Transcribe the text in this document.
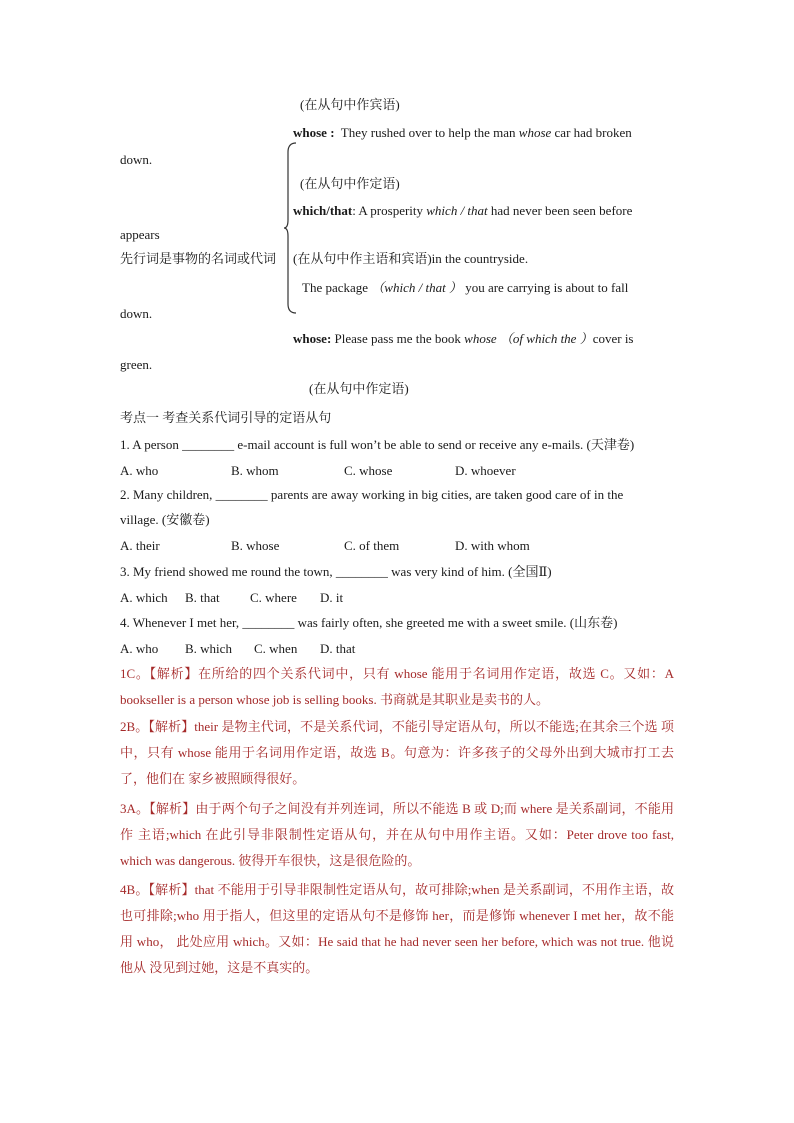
(在从句中作宾语)
whose : They rushed over to help the man whose car had broken
down.
(在从句中作定语)
which/that: A prosperity which / that had never been seen before
appears
先行词是事物的名词或代词 (在从句中作主语和宾语)in the countryside.
The package （which / that ） you are carrying is about to fall
down.
whose: Please pass me the book whose （of which the ）cover is
green.
(在从句中作定语)
考点一 考查关系代词引导的定语从句
1. A person ________ e-mail account is full won’t be able to send or receive any e-mails. (天津卷)
A. who	B. whom	C. whose	D. whoever
2. Many children, ________ parents are away working in big cities, are taken good care of in the
village. (安徽卷)
A. their	B. whose	C. of them	D. with whom
3. My friend showed me round the town, ________ was very kind of him. (全国Ⅱ)
A. which B. that C. where D. it
4. Whenever I met her, ________ was fairly often, she greeted me with a sweet smile. (山东卷)
A. who B. which C. when D. that
1C。【解析】在所给的四个关系代词中，只有 whose 能用于名词用作定语，故选 C。又如：A bookseller is a person whose job is selling books. 书商就是其职业是卖书的人。
2B。【解析】their 是物主代词，不是关系代词，不能引导定语从句，所以不能选;在其余三个选 项中，只有 whose 能用于名词用作定语，故选 B。句意为：许多孩子的父母外出到大城市打工去了，他们在 家乡被照顾得很好。
3A。【解析】由于两个句子之间没有并列连词，所以不能选 B 或 D;而 where 是关系副词，不能用作 主语;which 在此引导非限制性定语从句，并在从句中用作主语。又如：Peter drove too fast, which was dangerous. 彼得开车很快，这是很危险的。
4B。【解析】that 不能用于引导非限制性定语从句，故可排除;when 是关系副词，不用作主语，故 也可排除;who 用于指人，但这里的定语从句不是修饰 her，而是修饰 whenever I met her，故不能用 who， 此处应用 which。又如：He said that he had never seen her before, which was not true. 他说他从 没见到过她，这是不真实的。
